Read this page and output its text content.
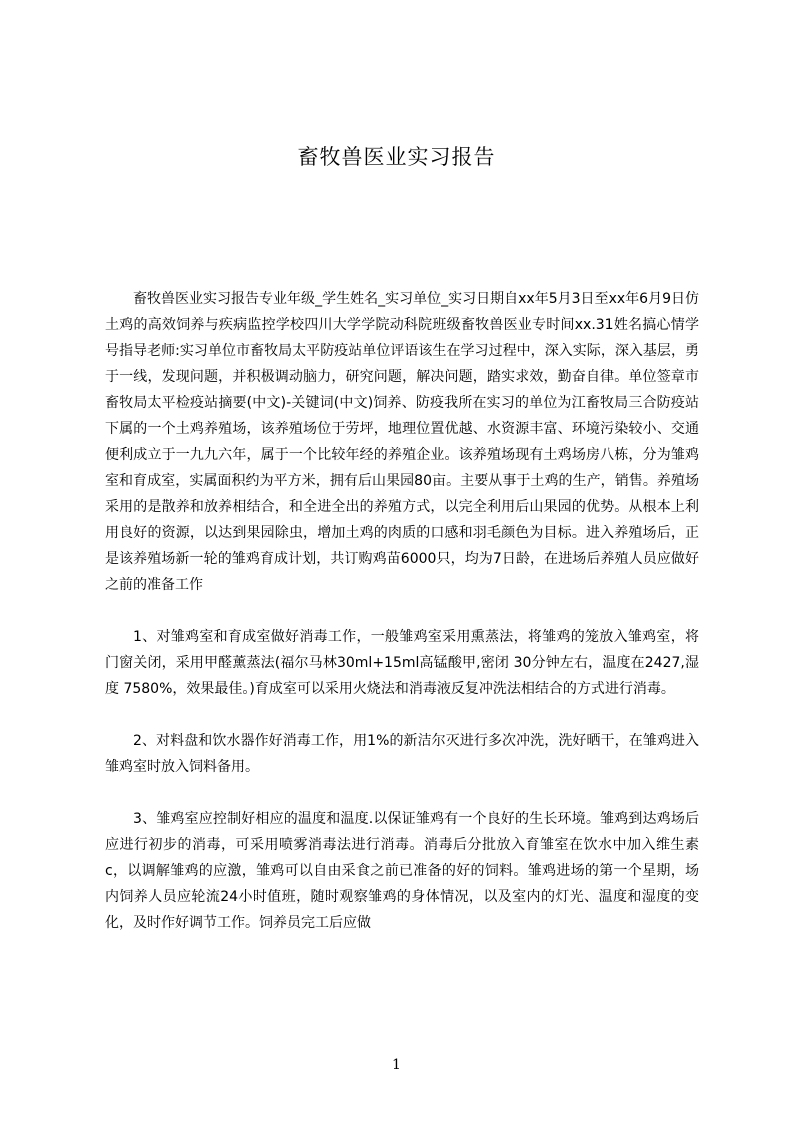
畜牧兽医业实习报告

畜牧兽医业实习报告专业年级_学生姓名_实习单位_实习日期自xx年5月3日至xx年6月9日仿土鸡的高效饲养与疾病监控学校四川大学学院动科院班级畜牧兽医业专时间xx.31姓名搞心情学号指导老师:实习单位市畜牧局太平防疫站单位评语该生在学习过程中，深入实际，深入基层，勇于一线，发现问题，并积极调动脑力，研究问题，解决问题，踏实求效，勤奋自律。单位签章市畜牧局太平检疫站摘要(中文)-关键词(中文)饲养、防疫我所在实习的单位为江畜牧局三合防疫站下属的一个土鸡养殖场，该养殖场位于劳坪，地理位置优越、水资源丰富、环境污染较小、交通便利成立于一九九六年，属于一个比较年经的养殖企业。该养殖场现有土鸡场房八栋，分为雏鸡室和育成室，实属面积约为平方米，拥有后山果园80亩。主要从事于土鸡的生产，销售。养殖场采用的是散养和放养相结合，和全进全出的养殖方式，以完全利用后山果园的优势。从根本上利用良好的资源，以达到果园除虫，增加土鸡的肉质的口感和羽毛颜色为目标。进入养殖场后，正是该养殖场新一轮的雏鸡育成计划，共订购鸡苗6000只，均为7日龄，在进场后养殖人员应做好之前的准备工作

1、对雏鸡室和育成室做好消毒工作，一般雏鸡室采用熏蒸法，将雏鸡的笼放入雏鸡室，将门窗关闭，采用甲醛薰蒸法(福尔马林30ml+15ml高锰酸甲,密闭 30分钟左右，温度在2427,湿度 7580%，效果最佳。)育成室可以采用火烧法和消毒液反复冲洗法相结合的方式进行消毒。

2、对料盘和饮水器作好消毒工作，用1%的新洁尔灭进行多次冲洗，洗好晒干，在雏鸡进入雏鸡室时放入饲料备用。

3、雏鸡室应控制好相应的温度和温度.以保证雏鸡有一个良好的生长环境。雏鸡到达鸡场后应进行初步的消毒，可采用喷雾消毒法进行消毒。消毒后分批放入育雏室在饮水中加入维生素c，以调解雏鸡的应激，雏鸡可以自由采食之前已准备的好的饲料。雏鸡进场的第一个星期，场内饲养人员应轮流24小时值班，随时观察雏鸡的身体情况，以及室内的灯光、温度和湿度的变化，及时作好调节工作。饲养员完工后应做

1
